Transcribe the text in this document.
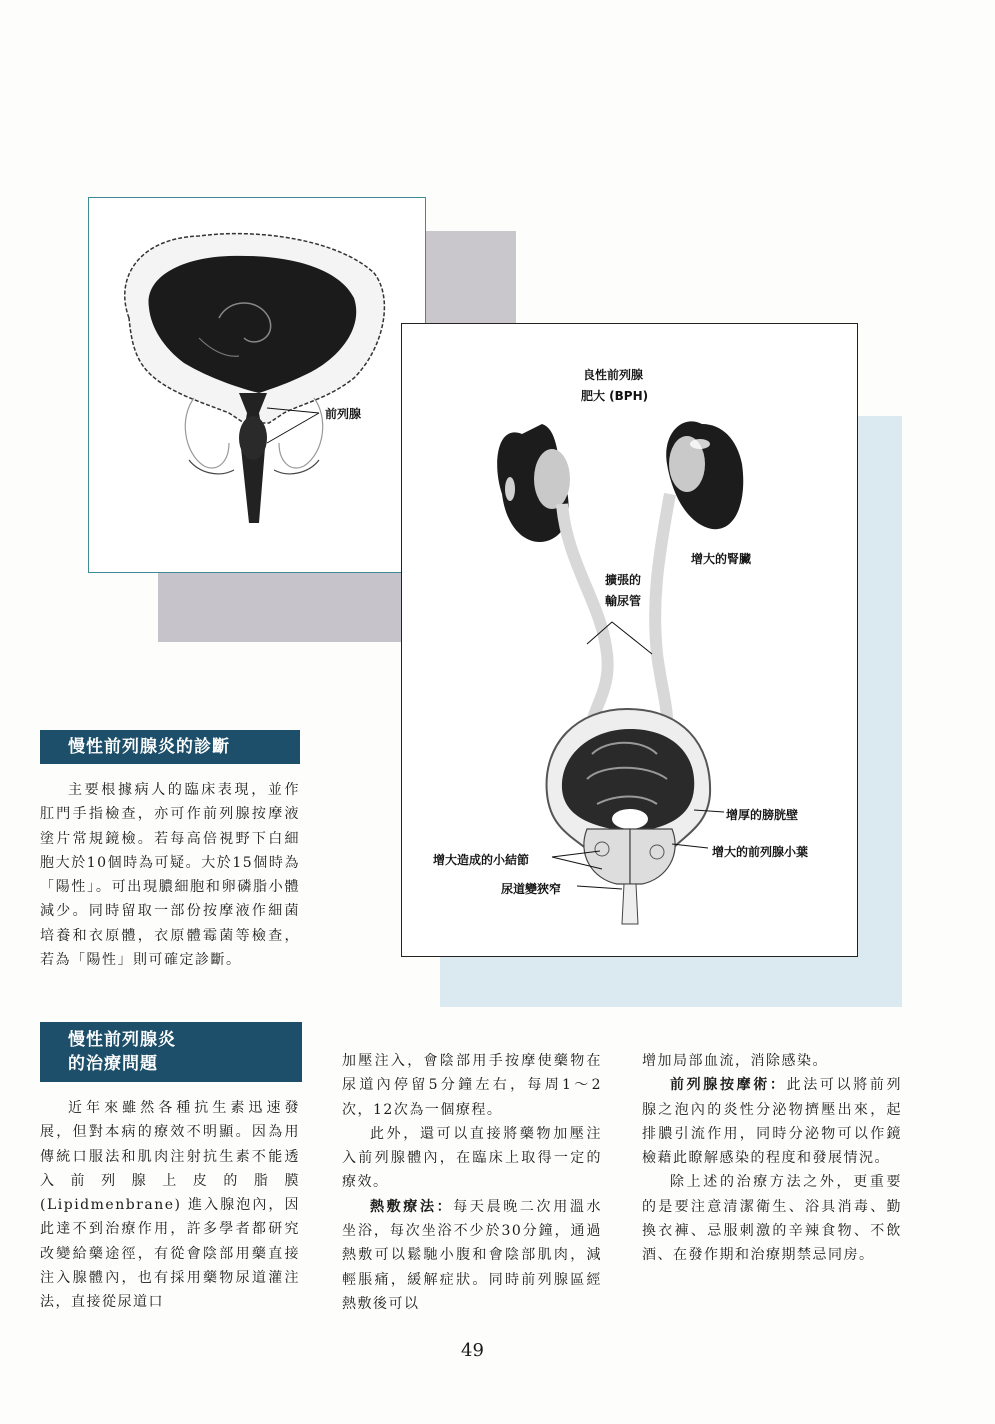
前列腺
良性前列腺
肥大 (BPH)
增大的腎臟
擴張的
輸尿管
增厚的膀胱壁
增大的前列腺小葉
增大造成的小結節
尿道變狹窄
慢性前列腺炎的診斷

主要根據病人的臨床表現，並作肛門手指檢查，亦可作前列腺按摩液塗片常規鏡檢。若每高倍視野下白細胞大於10個時為可疑。大於15個時為「陽性」。可出現膿細胞和卵磷脂小體減少。同時留取一部份按摩液作細菌培養和衣原體，衣原體霉菌等檢查，若為「陽性」則可確定診斷。

慢性前列腺炎
的治療問題

近年來雖然各種抗生素迅速發展，但對本病的療效不明顯。因為用傳統口服法和肌肉注射抗生素不能透入前列腺上皮的脂膜(Lipidmenbrane) 進入腺泡內，因此達不到治療作用，許多學者都研究改變給藥途徑，有從會陰部用藥直接注入腺體內，也有採用藥物尿道灌注法，直接從尿道口

加壓注入，會陰部用手按摩使藥物在尿道內停留5分鐘左右，每周1～2次，12次為一個療程。

此外，還可以直接將藥物加壓注入前列腺體內，在臨床上取得一定的療效。

熱敷療法：每天晨晚二次用溫水坐浴，每次坐浴不少於30分鐘，通過熱敷可以鬆馳小腹和會陰部肌肉，減輕脹痛，緩解症狀。同時前列腺區經熱敷後可以

增加局部血流，消除感染。

前列腺按摩術：此法可以將前列腺之泡內的炎性分泌物擠壓出來，起排膿引流作用，同時分泌物可以作鏡檢藉此瞭解感染的程度和發展情況。

除上述的治療方法之外，更重要的是要注意清潔衛生、浴具消毒、勤換衣褲、忌服刺激的辛辣食物、不飲酒、在發作期和治療期禁忌同房。

49
